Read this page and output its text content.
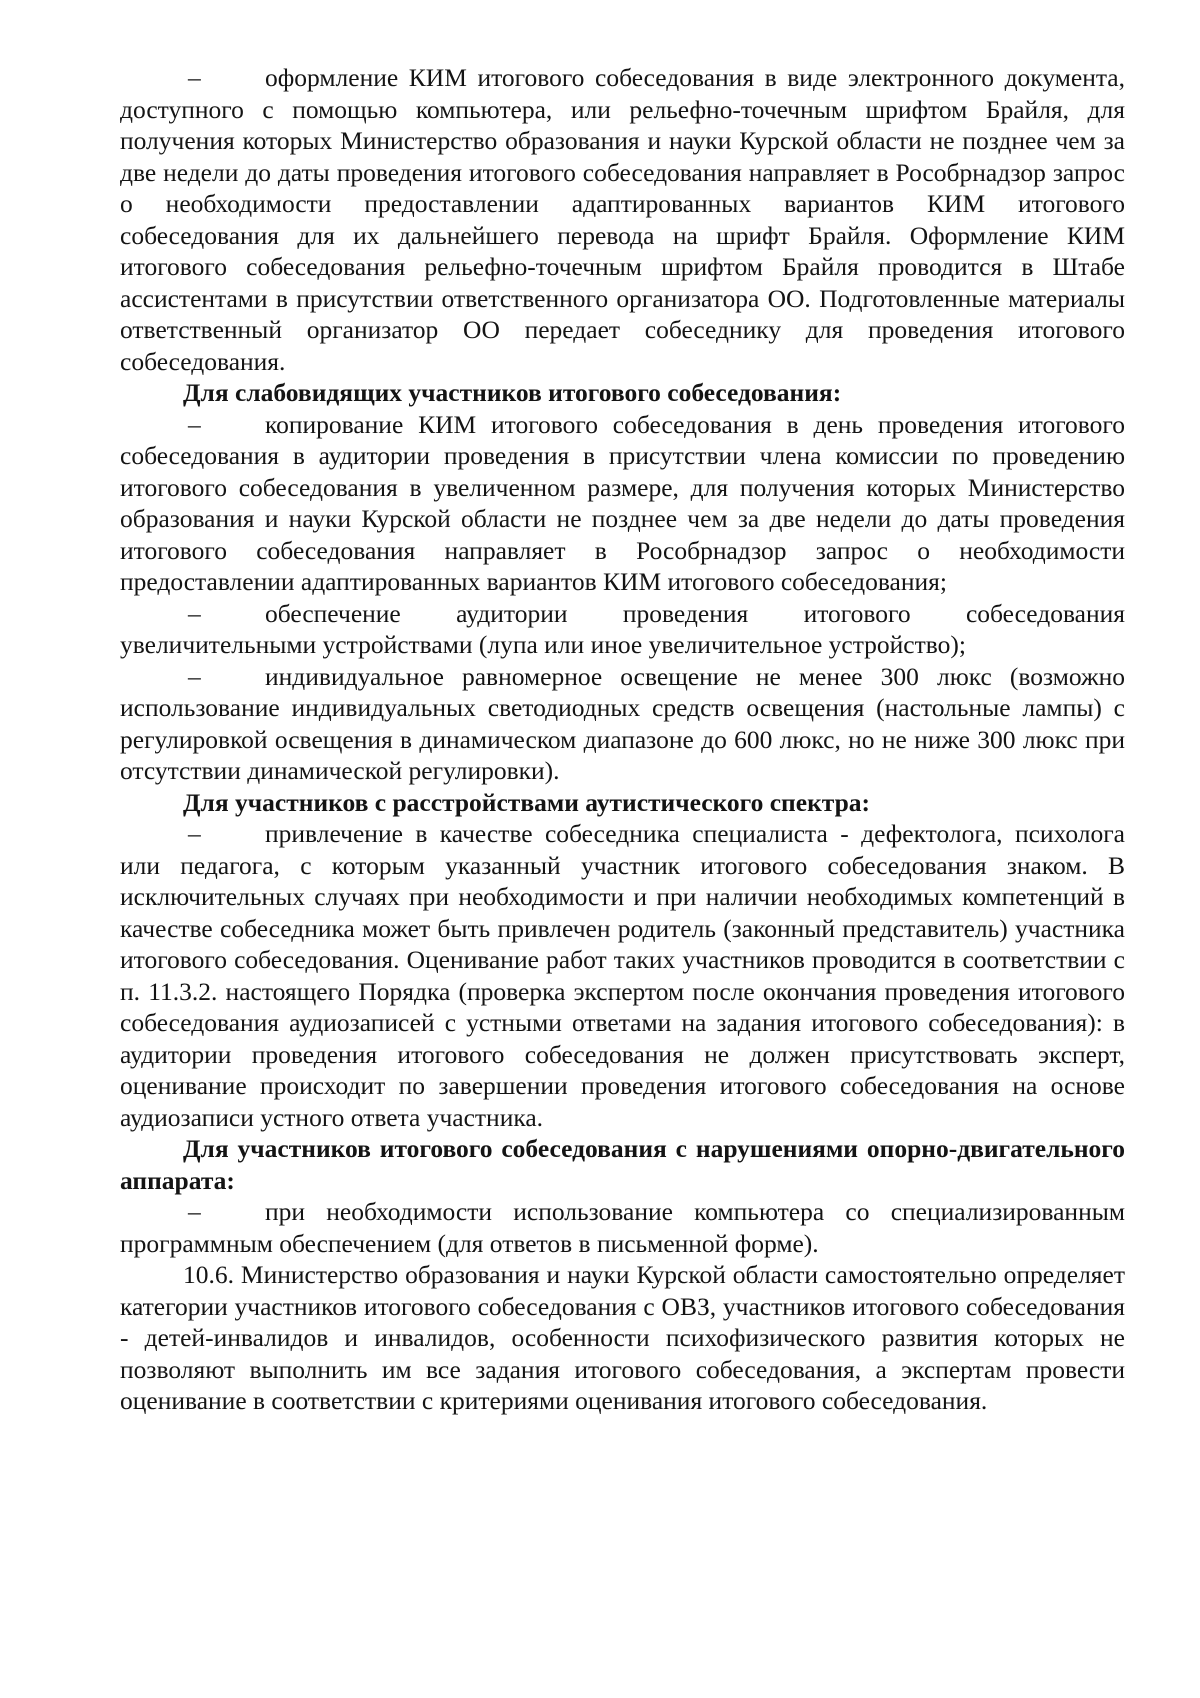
–	оформление КИМ итогового собеседования в виде электронного документа, доступного с помощью компьютера, или рельефно-точечным шрифтом Брайля, для получения которых Министерство образования и науки Курской области не позднее чем за две недели до даты проведения итогового собеседования направляет в Рособрнадзор запрос о необходимости предоставлении адаптированных вариантов КИМ итогового собеседования для их дальнейшего перевода на шрифт Брайля. Оформление КИМ итогового собеседования рельефно-точечным шрифтом Брайля проводится в Штабе ассистентами в присутствии ответственного организатора ОО. Подготовленные материалы ответственный организатор ОО передает собеседнику для проведения итогового собеседования.

Для слабовидящих участников итогового собеседования:

–	копирование КИМ итогового собеседования в день проведения итогового собеседования в аудитории проведения в присутствии члена комиссии по проведению итогового собеседования в увеличенном размере, для получения которых Министерство образования и науки Курской области не позднее чем за две недели до даты проведения итогового собеседования направляет в Рособрнадзор запрос о необходимости предоставлении адаптированных вариантов КИМ итогового собеседования;

–	обеспечение аудитории проведения итогового собеседования увеличительными устройствами (лупа или иное увеличительное устройство);

–	индивидуальное равномерное освещение не менее 300 люкс (возможно использование индивидуальных светодиодных средств освещения (настольные лампы) с регулировкой освещения в динамическом диапазоне до 600 люкс, но не ниже 300 люкс при отсутствии динамической регулировки).

Для участников с расстройствами аутистического спектра:

–	привлечение в качестве собеседника специалиста - дефектолога, психолога или педагога, с которым указанный участник итогового собеседования знаком. В исключительных случаях при необходимости и при наличии необходимых компетенций в качестве собеседника может быть привлечен родитель (законный представитель) участника итогового собеседования. Оценивание работ таких участников проводится в соответствии с п. 11.3.2. настоящего Порядка (проверка экспертом после окончания проведения итогового собеседования аудиозаписей с устными ответами на задания итогового собеседования): в аудитории проведения итогового собеседования не должен присутствовать эксперт, оценивание происходит по завершении проведения итогового собеседования на основе аудиозаписи устного ответа участника.

Для участников итогового собеседования с нарушениями опорно-двигательного аппарата:

–	при необходимости использование компьютера со специализированным программным обеспечением (для ответов в письменной форме).

10.6. Министерство образования и науки Курской области самостоятельно определяет категории участников итогового собеседования с ОВЗ, участников итогового собеседования - детей-инвалидов и инвалидов, особенности психофизического развития которых не позволяют выполнить им все задания итогового собеседования, а экспертам провести оценивание в соответствии с критериями оценивания итогового собеседования.
